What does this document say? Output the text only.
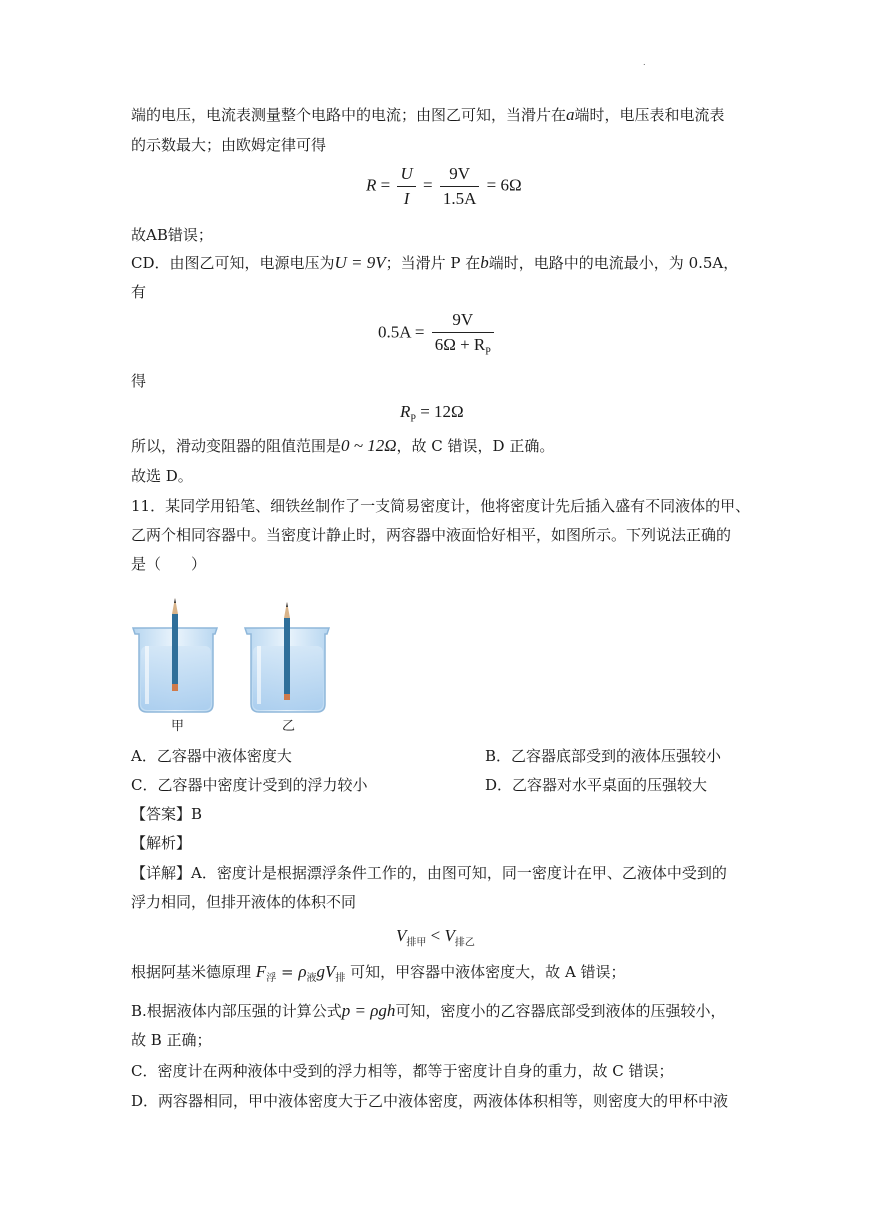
.
端的电压，电流表测量整个电路中的电流；由图乙可知，当滑片在a端时，电压表和电流表
的示数最大；由欧姆定律可得
$R = \frac{U}{I} = \frac{9V}{1.5A} = 6\Omega$
故AB错误；
CD．由图乙可知，电源电压为U = 9V；当滑片 P 在b端时，电路中的电流最小，为 0.5A，
有
$0.5A = \frac{9V}{6\Omega + R_P}$
得
$R_P = 12\Omega$
所以，滑动变阻器的阻值范围是0 ~ 12Ω，故 C 错误，D 正确。
故选 D。
11．某同学用铅笔、细铁丝制作了一支简易密度计，他将密度计先后插入盛有不同液体的甲、
乙两个相同容器中。当密度计静止时，两容器中液面恰好相平，如图所示。下列说法正确的
是（　　）
甲	乙
A．乙容器中液体密度大	B．乙容器底部受到的液体压强较小
C．乙容器中密度计受到的浮力较小	D．乙容器对水平桌面的压强较大
【答案】B
【解析】
【详解】A．密度计是根据漂浮条件工作的，由图可知，同一密度计在甲、乙液体中受到的
浮力相同，但排开液体的体积不同
$V_{排甲} < V_{排乙}$
根据阿基米德原理 $F_浮 = \rho_液gV_排$ 可知，甲容器中液体密度大，故 A 错误；
B.根据液体内部压强的计算公式p = ρgh可知，密度小的乙容器底部受到液体的压强较小，
故 B 正确；
C．密度计在两种液体中受到的浮力相等，都等于密度计自身的重力，故 C 错误；
D．两容器相同，甲中液体密度大于乙中液体密度，两液体体积相等，则密度大的甲杯中液
